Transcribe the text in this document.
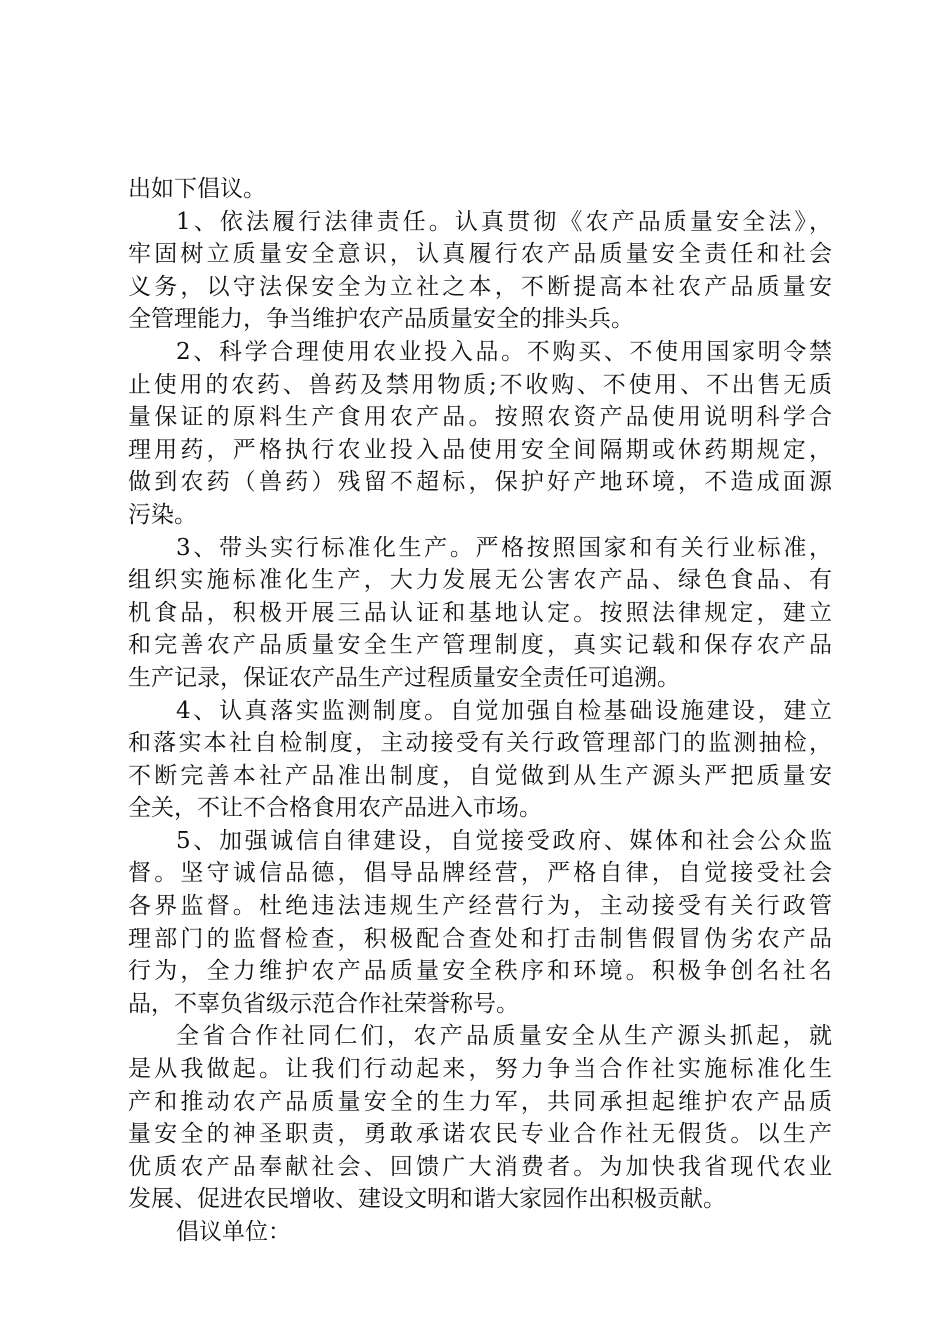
出如下倡议。
1、依法履行法律责任。认真贯彻《农产品质量安全法》，
牢固树立质量安全意识，认真履行农产品质量安全责任和社会
义务，以守法保安全为立社之本，不断提高本社农产品质量安
全管理能力，争当维护农产品质量安全的排头兵。
2、科学合理使用农业投入品。不购买、不使用国家明令禁
止使用的农药、兽药及禁用物质;不收购、不使用、不出售无质
量保证的原料生产食用农产品。按照农资产品使用说明科学合
理用药，严格执行农业投入品使用安全间隔期或休药期规定，
做到农药（兽药）残留不超标，保护好产地环境，不造成面源
污染。
3、带头实行标准化生产。严格按照国家和有关行业标准，
组织实施标准化生产，大力发展无公害农产品、绿色食品、有
机食品，积极开展三品认证和基地认定。按照法律规定，建立
和完善农产品质量安全生产管理制度，真实记载和保存农产品
生产记录，保证农产品生产过程质量安全责任可追溯。
4、认真落实监测制度。自觉加强自检基础设施建设，建立
和落实本社自检制度，主动接受有关行政管理部门的监测抽检，
不断完善本社产品准出制度，自觉做到从生产源头严把质量安
全关，不让不合格食用农产品进入市场。
5、加强诚信自律建设，自觉接受政府、媒体和社会公众监
督。坚守诚信品德，倡导品牌经营，严格自律，自觉接受社会
各界监督。杜绝违法违规生产经营行为，主动接受有关行政管
理部门的监督检查，积极配合查处和打击制售假冒伪劣农产品
行为，全力维护农产品质量安全秩序和环境。积极争创名社名
品，不辜负省级示范合作社荣誉称号。
全省合作社同仁们，农产品质量安全从生产源头抓起，就
是从我做起。让我们行动起来，努力争当合作社实施标准化生
产和推动农产品质量安全的生力军，共同承担起维护农产品质
量安全的神圣职责，勇敢承诺农民专业合作社无假货。以生产
优质农产品奉献社会、回馈广大消费者。为加快我省现代农业
发展、促进农民增收、建设文明和谐大家园作出积极贡献。
倡议单位：
